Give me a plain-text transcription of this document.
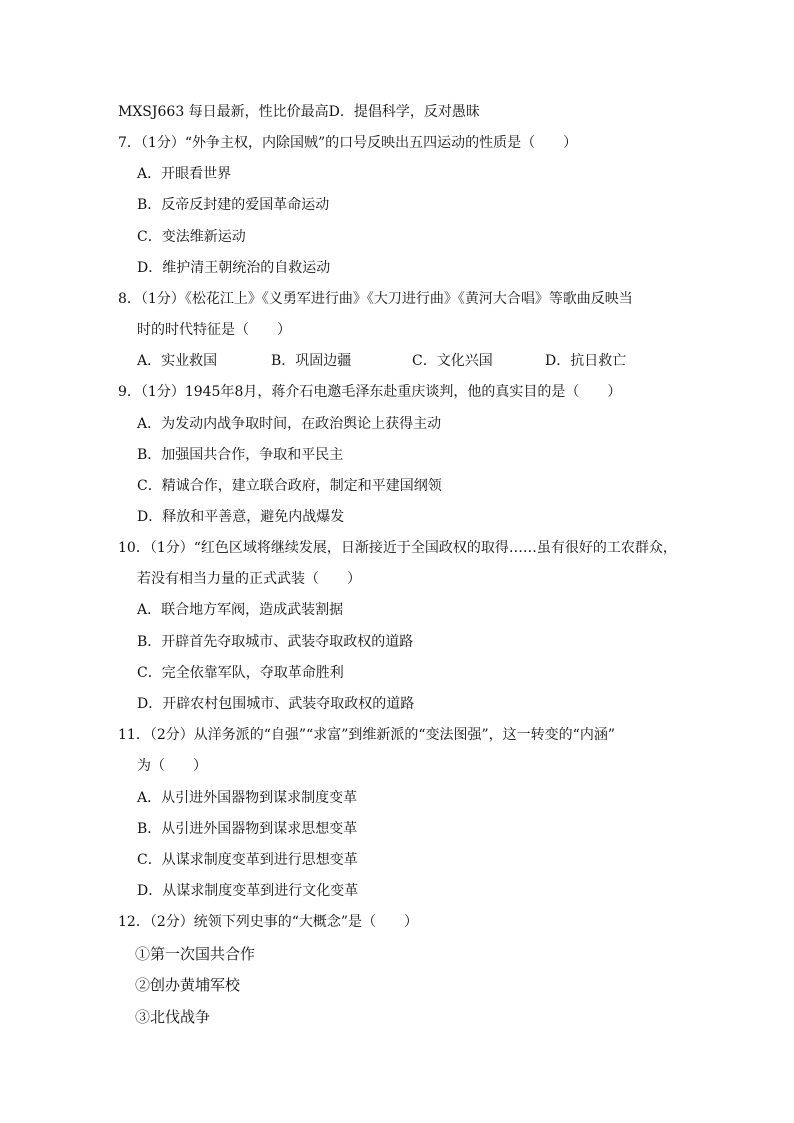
MXSJ663 每日最新，性比价最高D．提倡科学，反对愚昧
7．（1分）“外争主权，内除国贼”的口号反映出五四运动的性质是（　　）
A．开眼看世界
B．反帝反封建的爱国革命运动
C．变法维新运动
D．维护清王朝统治的自救运动
8．（1分）《松花江上》《义勇军进行曲》《大刀进行曲》《黄河大合唱》等歌曲反映当
时的时代特征是（　　）
A．实业救国	B．巩固边疆	C．文化兴国	D．抗日救亡
9．（1分）1945年8月，蒋介石电邀毛泽东赴重庆谈判，他的真实目的是（　　）
A．为发动内战争取时间，在政治舆论上获得主动
B．加强国共合作，争取和平民主
C．精诚合作，建立联合政府，制定和平建国纲领
D．释放和平善意，避免内战爆发
10．（1分）“红色区域将继续发展，日渐接近于全国政权的取得……虽有很好的工农群众，
若没有相当力量的正式武装（　　）
A．联合地方军阀，造成武装割据
B．开辟首先夺取城市、武装夺取政权的道路
C．完全依靠军队，夺取革命胜利
D．开辟农村包围城市、武装夺取政权的道路
11．（2分）从洋务派的“自强”“求富”到维新派的“变法图强”，这一转变的“内涵”
为（　　）
A．从引进外国器物到谋求制度变革
B．从引进外国器物到谋求思想变革
C．从谋求制度变革到进行思想变革
D．从谋求制度变革到进行文化变革
12．（2分）统领下列史事的“大概念”是（　　）
①第一次国共合作
②创办黄埔军校
③北伐战争
